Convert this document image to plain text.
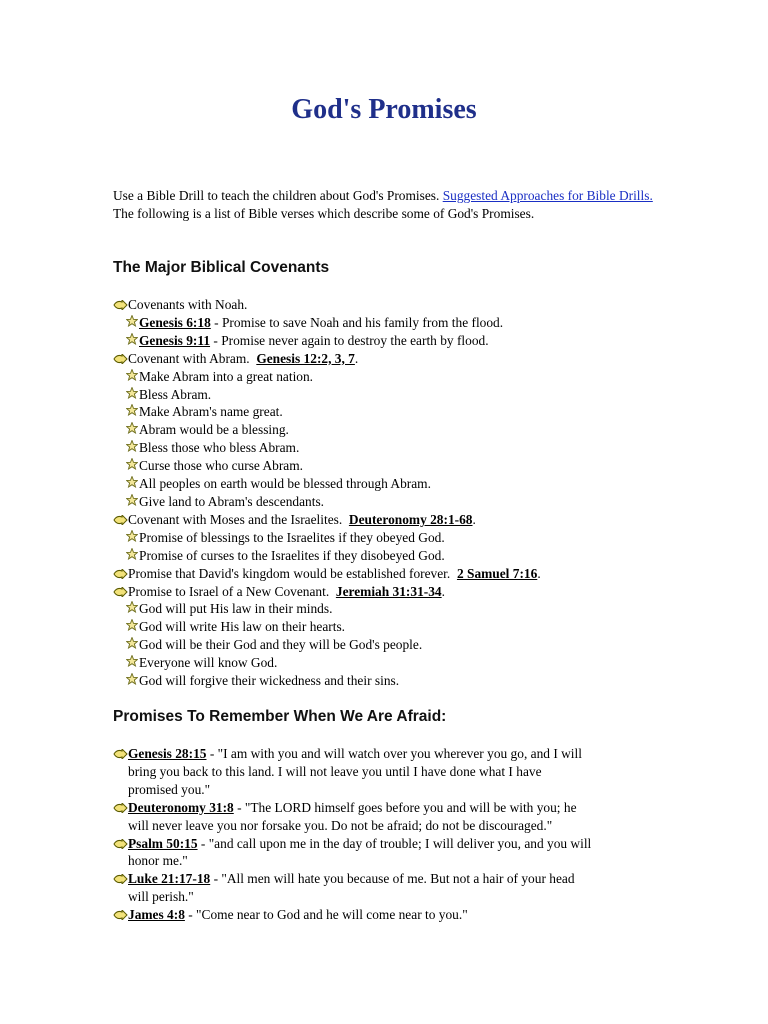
God's Promises

Use a Bible Drill to teach the children about God's Promises. Suggested Approaches for Bible Drills. The following is a list of Bible verses which describe some of God's Promises.

The Major Biblical Covenants
Covenants with Noah.
Genesis 6:18 - Promise to save Noah and his family from the flood.
Genesis 9:11 - Promise never again to destroy the earth by flood.
Covenant with Abram.  Genesis 12:2, 3, 7.
Make Abram into a great nation.
Bless Abram.
Make Abram's name great.
Abram would be a blessing.
Bless those who bless Abram.
Curse those who curse Abram.
All peoples on earth would be blessed through Abram.
Give land to Abram's descendants.
Covenant with Moses and the Israelites.  Deuteronomy 28:1-68.
Promise of blessings to the Israelites if they obeyed God.
Promise of curses to the Israelites if they disobeyed God.
Promise that David's kingdom would be established forever.  2 Samuel 7:16.
Promise to Israel of a New Covenant.  Jeremiah 31:31-34.
God will put His law in their minds.
God will write His law on their hearts.
God will be their God and they will be God's people.
Everyone will know God.
God will forgive their wickedness and their sins.
Promises To Remember When We Are Afraid:
Genesis 28:15 - "I am with you and will watch over you wherever you go, and I will
bring you back to this land. I will not leave you until I have done what I have
promised you."
Deuteronomy 31:8 - "The LORD himself goes before you and will be with you; he
will never leave you nor forsake you. Do not be afraid; do not be discouraged."
Psalm 50:15 - "and call upon me in the day of trouble; I will deliver you, and you will
honor me."
Luke 21:17-18 - "All men will hate you because of me. But not a hair of your head
will perish."
James 4:8 - "Come near to God and he will come near to you."
